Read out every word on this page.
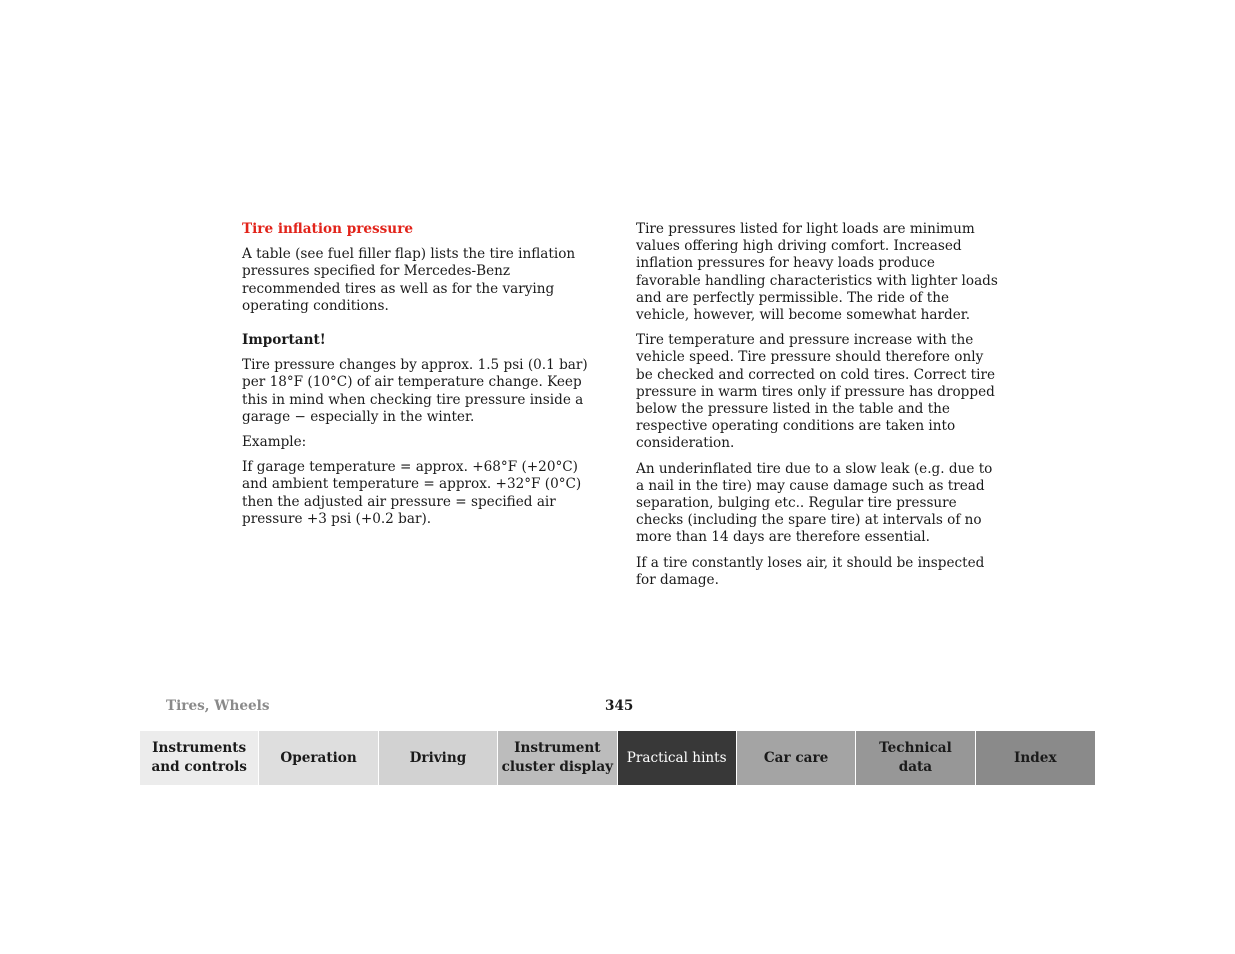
Tire inflation pressure

A table (see fuel filler flap) lists the tire inflation pressures specified for Mercedes-Benz recommended tires as well as for the varying operating conditions.

Important!

Tire pressure changes by approx. 1.5 psi (0.1 bar) per 18°F (10°C) of air temperature change. Keep this in mind when checking tire pressure inside a garage − especially in the winter.

Example:

If garage temperature = approx. +68°F (+20°C) and ambient temperature = approx. +32°F (0°C) then the adjusted air pressure = specified air pressure +3 psi (+0.2 bar).

Tire pressures listed for light loads are minimum values offering high driving comfort. Increased inflation pressures for heavy loads produce favorable handling characteristics with lighter loads and are perfectly permissible. The ride of the vehicle, however, will become somewhat harder.

Tire temperature and pressure increase with the vehicle speed. Tire pressure should therefore only be checked and corrected on cold tires. Correct tire pressure in warm tires only if pressure has dropped below the pressure listed in the table and the respective operating conditions are taken into consideration.

An underinflated tire due to a slow leak (e.g. due to a nail in the tire) may cause damage such as tread separation, bulging etc.. Regular tire pressure checks (including the spare tire) at intervals of no more than 14 days are therefore essential.

If a tire constantly loses air, it should be inspected for damage.

Tires, Wheels	345
Instruments
and controls
Operation	Driving
Instrument
cluster display
Practical hints	Car care
Technical
data
Index
